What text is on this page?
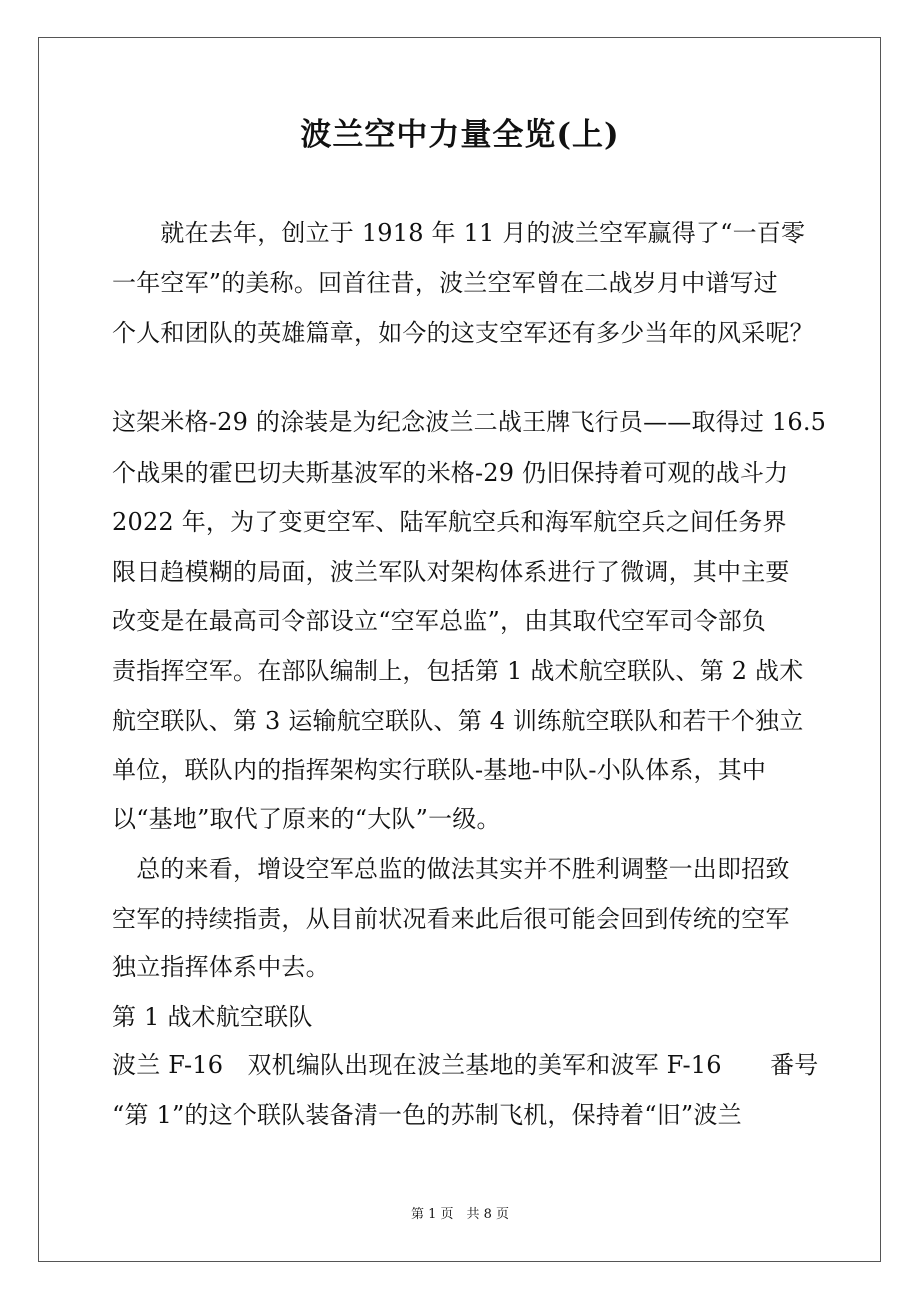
波兰空中力量全览(上)
　　就在去年，创立于 1918 年 11 月的波兰空军赢得了“一百零
一年空军”的美称。回首往昔，波兰空军曾在二战岁月中谱写过
个人和团队的英雄篇章，如今的这支空军还有多少当年的风采呢？
这架米格-29 的涂装是为纪念波兰二战王牌飞行员——取得过 16.5
个战果的霍巴切夫斯基波军的米格-29 仍旧保持着可观的战斗力
2022 年，为了变更空军、陆军航空兵和海军航空兵之间任务界
限日趋模糊的局面，波兰军队对架构体系进行了微调，其中主要
改变是在最高司令部设立“空军总监”，由其取代空军司令部负
责指挥空军。在部队编制上，包括第 1 战术航空联队、第 2 战术
航空联队、第 3 运输航空联队、第 4 训练航空联队和若干个独立
单位，联队内的指挥架构实行联队-基地-中队-小队体系，其中
以“基地”取代了原来的“大队”一级。
　总的来看，增设空军总监的做法其实并不胜利调整一出即招致
空军的持续指责，从目前状况看来此后很可能会回到传统的空军
独立指挥体系中去。
第 1 战术航空联队
波兰 F-16　双机编队出现在波兰基地的美军和波军 F-16　　番号
“第 1”的这个联队装备清一色的苏制飞机，保持着“旧”波兰
第 1 页　共 8 页
